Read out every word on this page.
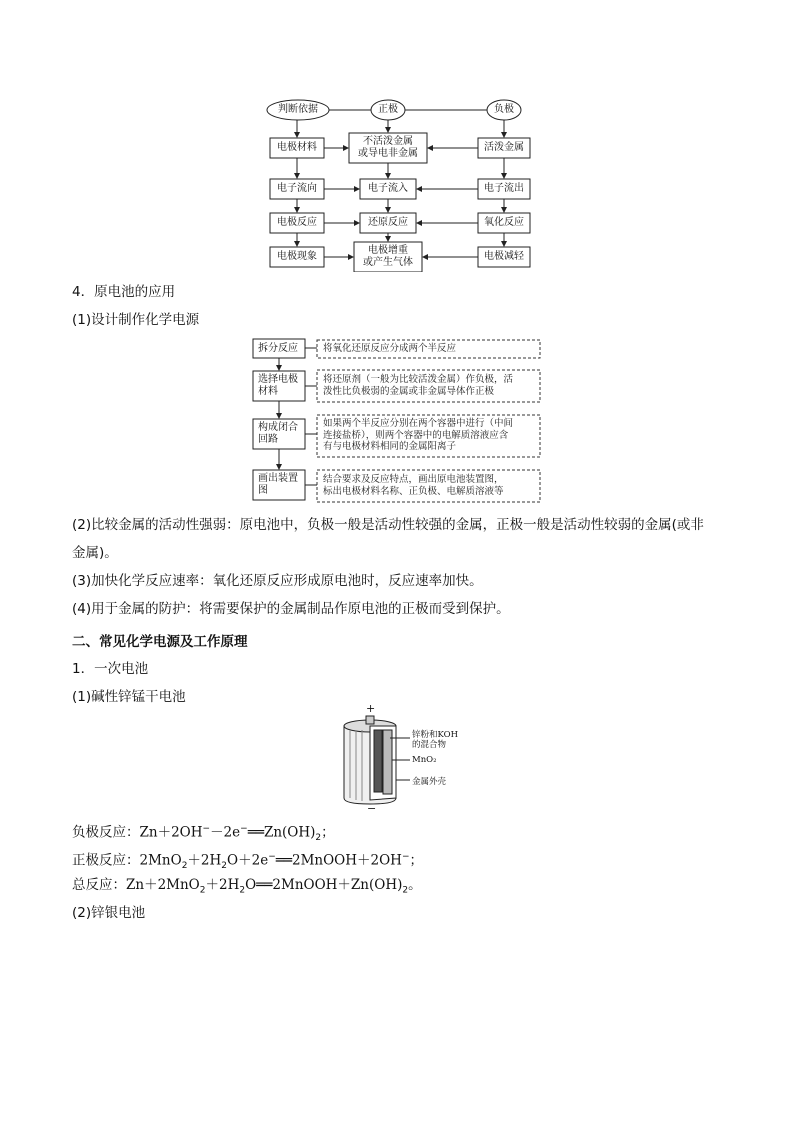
判断依据	正极	负极
电极材料
电子流向
电极反应
电极现象
不活泼金属
或导电非金属
电子流入
还原反应
电极增重
或产生气体
活泼金属
电子流出
氧化反应
电极减轻
4．原电池的应用
(1)设计制作化学电源
拆分反应
选择电极
材料
构成闭合
回路
画出装置
图
将氧化还原反应分成两个半反应
将还原剂（一般为比较活泼金属）作负极，活
泼性比负极弱的金属或非金属导体作正极
如果两个半反应分别在两个容器中进行（中间
连接盐桥），则两个容器中的电解质溶液应含
有与电极材料相同的金属阳离子
结合要求及反应特点，画出原电池装置图，
标出电极材料名称、正负极、电解质溶液等
(2)比较金属的活动性强弱：原电池中，负极一般是活动性较强的金属，正极一般是活动性较弱的金属(或非
金属)。
(3)加快化学反应速率：氧化还原反应形成原电池时，反应速率加快。
(4)用于金属的防护：将需要保护的金属制品作原电池的正极而受到保护。
二、常见化学电源及工作原理
1．一次电池
(1)碱性锌锰干电池
+
−
锌粉和KOH
的混合物
MnO₂
金属外壳
负极反应：$Zn+2OH^--2e^-══Zn(OH)_2$；
正极反应：$2MnO_2+2H_2O+2e^-══2MnOOH+2OH^-$；
总反应：$Zn+2MnO_2+2H_2O══2MnOOH+Zn(OH)_2$。
(2)锌银电池
